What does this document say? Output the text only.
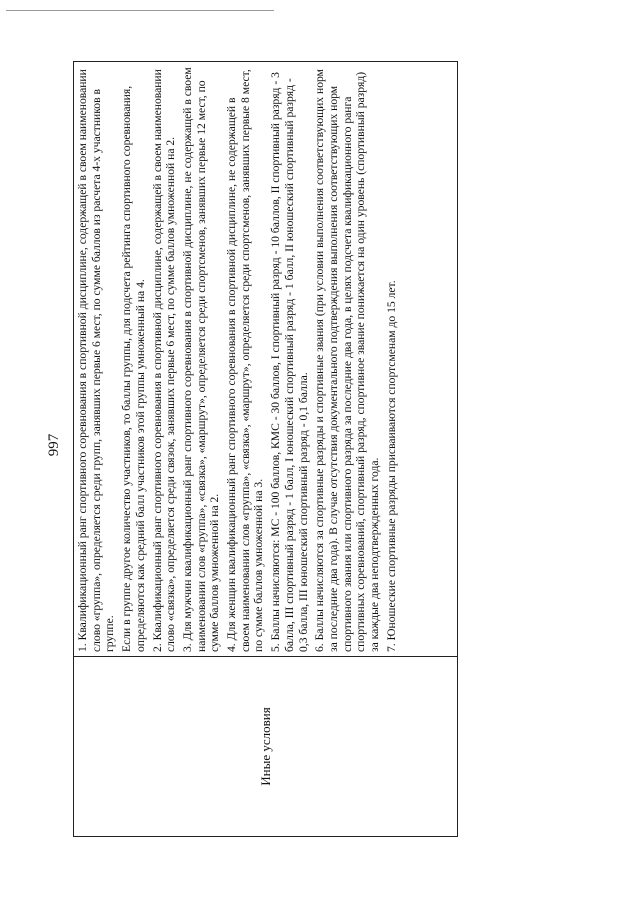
997
Иные условия

1. Квалификационный ранг спортивного соревнования в спортивной дисциплине, содержащей в своем наименовании слово «группа», определяется среди групп, занявших первые 6 мест, по сумме баллов из расчета 4-х участников в группе. Если в группе другое количество участников, то баллы группы, для подсчета рейтинга спортивного соревнования, определяются как средний балл участников этой группы умноженный на 4. 2. Квалификационный ранг спортивного соревнования в спортивной дисциплине, содержащей в своем наименовании слово «связка», определяется среди связок, занявших первые 6 мест, по сумме баллов умноженной на 2. 3. Для мужчин квалификационный ранг спортивного соревнования в спортивной дисциплине, не содержащей в своем наименовании слов «группа», «связка», «маршрут», определяется среди спортсменов, занявших первые 12 мест, по сумме баллов умноженной на 2. 4. Для женщин квалификационный ранг спортивного соревнования в спортивной дисциплине, не содержащей в своем наименовании слов «группа», «связка», «маршрут», определяется среди спортсменов, занявших первые 8 мест, по сумме баллов умноженной на 3. 5. Баллы начисляются: МС - 100 баллов, КМС - 30 баллов, I спортивный разряд - 10 баллов, II спортивный разряд - 3 балла, III спортивный разряд - 1 балл, I юношеский спортивный разряд - 1 балл, II юношеский спортивный разряд - 0,3 балла, III юношеский спортивный разряд - 0,1 балла. 6. Баллы начисляются за спортивные разряды и спортивные звания (при условии выполнения соответствующих норм за последние два года). В случае отсутствия документального подтверждения выполнения соответствующих норм спортивного звания или спортивного разряда за последние два года, в целях подсчета квалификационного ранга спортивных соревнований, спортивный разряд, спортивное звание понижается на один уровень (спортивный разряд) за каждые два неподтвержденных года. 7. Юношеские спортивные разряды присваиваются спортсменам до 15 лет.
